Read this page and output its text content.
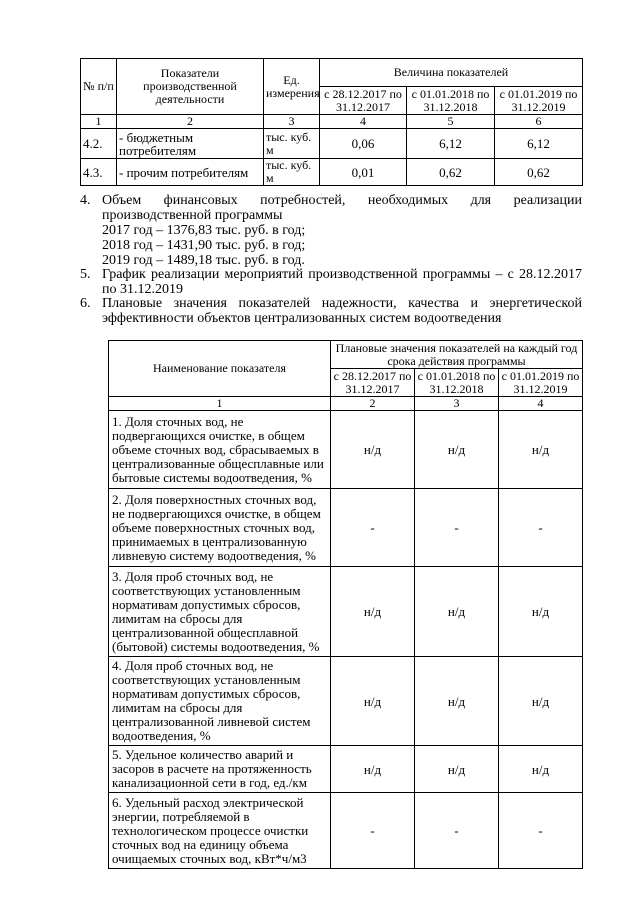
№ п/п	Показатели производственной деятельности	Ед. измерения	Величина показателей		
			с 28.12.2017 по 31.12.2017	с 01.01.2018 по 31.12.2018	с 01.01.2019 по 31.12.2019
1	2	3	4	5	6
4.2.	- бюджетным потребителям	тыс. куб. м	0,06	6,12	6,12
4.3.	- прочим потребителям	тыс. куб. м	0,01	0,62	0,62
4. Объем финансовых потребностей, необходимых для реализации производственной программы
2017 год – 1376,83 тыс. руб. в год;
2018 год – 1431,90 тыс. руб. в год;
2019 год – 1489,18 тыс. руб. в год.
5. График реализации мероприятий производственной программы – с 28.12.2017 по 31.12.2019
6. Плановые значения показателей надежности, качества и энергетической эффективности объектов централизованных систем водоотведения
Наименование показателя	Плановые значения показателей на каждый год срока действия программы		
	с 28.12.2017 по 31.12.2017	с 01.01.2018 по 31.12.2018	с 01.01.2019 по 31.12.2019
1	2	3	4
1. Доля сточных вод, не подвергающихся очистке, в общем объеме сточных вод, сбрасываемых в централизованные общесплавные или бытовые системы водоотведения, %	н/д	н/д	н/д
2. Доля поверхностных сточных вод, не подвергающихся очистке, в общем объеме поверхностных сточных вод, принимаемых в централизованную ливневую систему водоотведения, %	-	-	-
3. Доля проб сточных вод, не соответствующих установленным нормативам допустимых сбросов, лимитам на сбросы для централизованной общесплавной (бытовой) системы водоотведения, %	н/д	н/д	н/д
4. Доля проб сточных вод, не соответствующих установленным нормативам допустимых сбросов, лимитам на сбросы для централизованной ливневой систем водоотведения, %	н/д	н/д	н/д
5. Удельное количество аварий и засоров в расчете на протяженность канализационной сети в год, ед./км	н/д	н/д	н/д
6. Удельный расход электрической энергии, потребляемой в технологическом процессе очистки сточных вод на единицу объема очищаемых сточных вод, кВт*ч/м3	-	-	-
